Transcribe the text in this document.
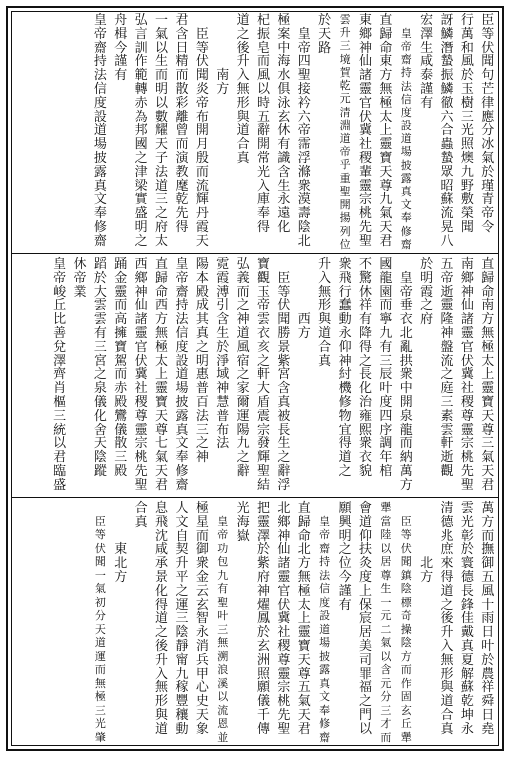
臣
等
伏
聞
句
芒
律
應
分
冰
氣
於
瑾
青
帝
令
行
萬
和
風
於
玉
樹
三
光
照
燠
九
野
敷
榮
聞
訝
鱗
潛
蟄
振
鱗
徹
六
合
蟲
蟄
眾
昭
蘇
流
晃
八
宏
澤
生
咸
泰
謹
有
皇
帝
齋
持
法
信
度
設
道
場
披
露
真
文
奉
修
齋
直
歸
命
東
方
無
極
太
上
靈
寶
天
尊
九
氣
天
君
東
鄉
神
仙
諸
靈
官
伏
冀
社
稷
輩
靈
宗
桃
先
聖
雲
升
三
境
賀
乾
元
清
淵
道
帝
乎
重
聖
開
揚
列
位
於
天
路
皇
帝
四
聖
接
衿
六
帝
霈
浮
滌
衆
漠
壽
陰
北
極
案
中
海
水
俱
泳
玄
休
有
識
含
生
永
遠
化
杞
振
皂
而
風
以
時
五
辭
開
常
光
入
庫
奉
得
道
之
後
升
入
無
形
與
道
合
真
南
方
臣
等
伏
聞
炎
帝
布
開
月
殷
而
流
輝
丹
霞
天
君
含
日
精
而
散
彩
離
曾
而
演
教
麾
乾
先
得
一
氣
以
生
而
明
以
數
耀
天
子
法
道
三
之
府
太
弘
言
訓
作
範
轉
赤
為
邦
國
之
津
梁
實
盛
明
之
舟
楫
今
謹
有
皇
帝
齋
持
法
信
度
設
道
場
披
露
真
文
奉
修
齋
直
歸
命
南
方
無
極
太
上
靈
寶
天
尊
三
氣
天
君
南
鄉
神
仙
諸
靈
官
伏
冀
社
稷
尊
靈
宗
桃
先
聖
五
帝
逝
靈
隆
神
盤
流
之
庭
三
素
雲
軒
逝
觀
於
明
霞
之
府
皇
帝
垂
衣
北
亂
拱
衆
中
開
泉
龍
而
納
萬
方
國
龍
園
而
寧
九
有
三
辰
叶
度
四
序
調
年
棺
不
驚
休
祥
有
降
得
之
長
化
治
雍
熙
衆
衣
貌
衆
飛
行
蠢
動
永
仰
神
紂
機
修
物
宜
得
道
之
升
入
無
形
與
道
合
真
西
方
臣
等
伏
聞
勝
景
紫
宮
含
真
被
長
生
之
辭
浮
寶
觀
玉
帝
雲
衣
亥
之
軒
大
盾
震
宗
發
輝
聖
結
弘
義
而
之
神
道
風
宿
之
家
爾
運
陽
九
之
辭
霓
霞
溥
引
含
生
於
淨
域
神
慧
普
布
法
陽
本
殿
成
其
真
之
明
惠
普
百
法
三
之
神
皇
帝
齋
持
法
信
度
設
道
場
披
露
真
文
奉
修
齋
直
歸
命
西
方
無
極
太
上
靈
寶
天
尊
七
氣
天
君
西
鄉
神
仙
諸
靈
官
伏
冀
社
稷
尊
靈
宗
桃
先
聖
踊
金
靈
而
高
擁
寶
駕
而
赤
殿
鸞
儀
散
三
殿
蹈
於
大
雲
雲
有
三
宮
之
泉
儀
化
舍
天
陰
蹤
休
帝
業
皇
帝
峻
丘
比
善
兌
澤
齊
肖
樞
三
統
以
君
臨
盛
萬
方
而
撫
御
五
風
十
雨
日
叶
於
農
祥
舜
日
堯
雲
光
彰
於
寰
德
長
鋒
佳
戴
真
夏
解
蘇
乾
坤
永
清
德
兆
庶
來
得
道
之
後
升
入
無
形
與
道
合
真
北
方
臣
等
伏
聞
鎮
陰
標
奇
操
陰
方
而
作
固
玄
丘
犟
犟
當
陸
以
居
尊
生
一
元
二
氣
以
含
元
分
三
才
而
會
道
仰
扶
灸
度
上
保
宸
居
美
司
罪
福
之
門
以
願
興
明
之
位
今
謹
有
皇
帝
齋
持
法
信
度
設
道
場
披
露
真
文
奉
修
齋
直
歸
命
北
方
無
極
太
上
靈
寶
天
尊
五
氣
天
君
北
鄉
神
仙
諸
靈
官
伏
冀
社
稷
尊
靈
宗
桃
先
聖
把
靈
澤
於
紫
府
神
燿
鳳
於
玄
洲
照
願
儀
千
傳
光
海
嶽
皇
帝
功
包
九
有
聖
叶
三
無
溯
浪
溪
以
流
恩
並
極
星
而
御
衆
金
云
玄
智
永
消
兵
甲
心
史
天
象
人
文
自
契
升
平
之
運
三
陰
靜
甯
九
稼
豐
穰
動
息
飛
沈
咸
承
景
化
得
道
之
後
升
入
無
形
與
道
合
真
東
北
方
臣
等
伏
聞
一
氣
初
分
天
道
運
而
無
極
三
光
肇
